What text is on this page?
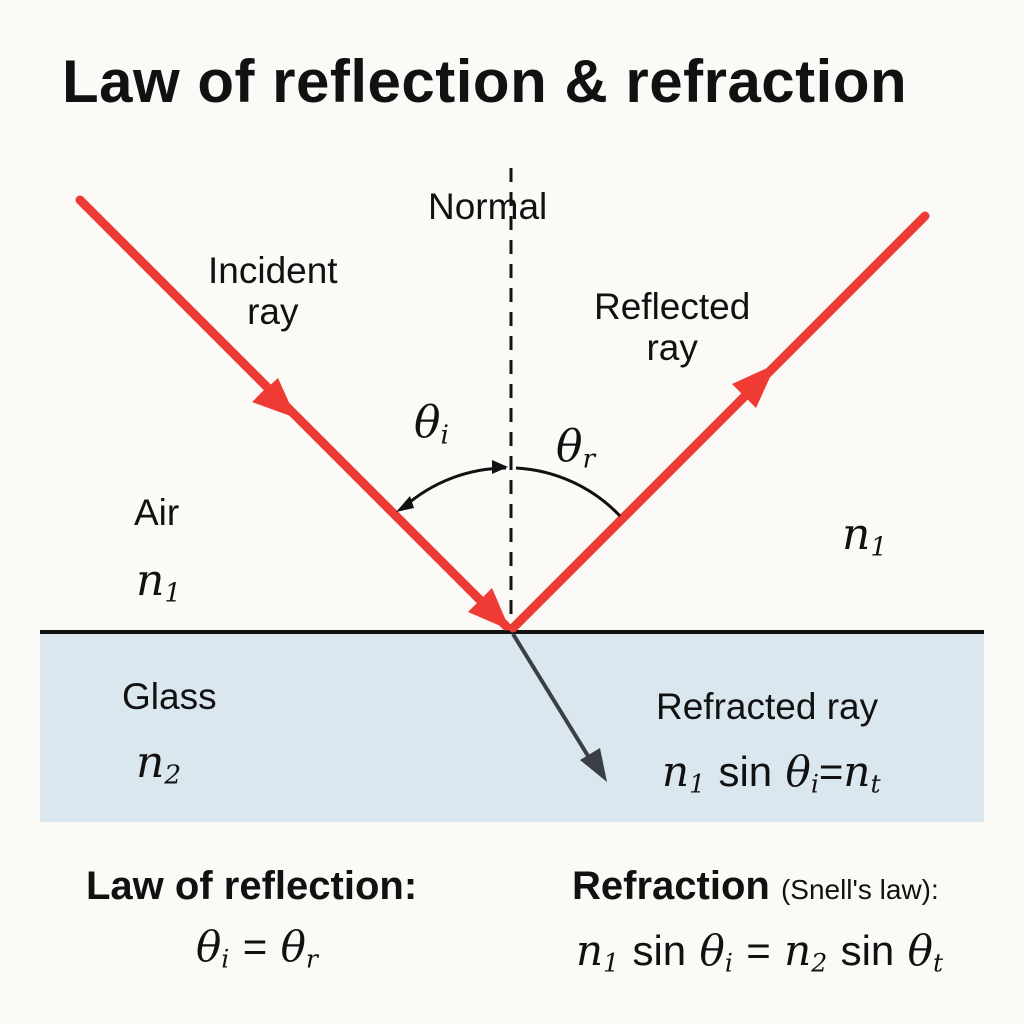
Law of reflection & refraction
Normal
Incident
ray	Reflected
ray
$\theta_i$ $\theta_r$
Air
$n_1$
$n_1$
Glass
$n_2$
Refracted ray
$n_1$ $\sin \theta_i=n_t$
Law of reflection:
$\theta_i = \theta_r$
Refraction (Snell's law):
$n_1$ $\sin \theta_i = n_2$ $\sin \theta_t$
